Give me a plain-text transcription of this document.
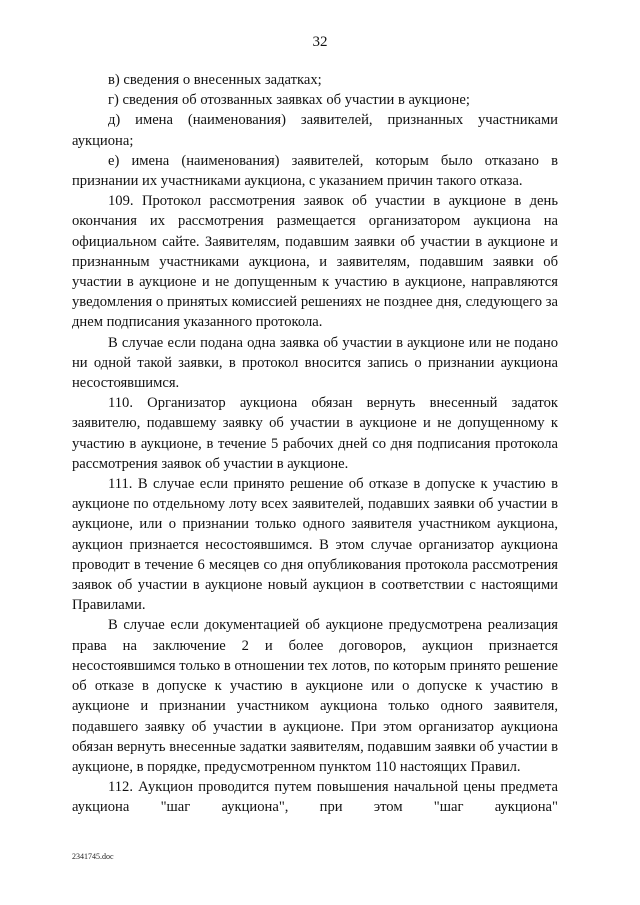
32

в) сведения о внесенных задатках;

г) сведения об отозванных заявках об участии в аукционе;

д) имена (наименования) заявителей, признанных участниками аукциона;

е) имена (наименования) заявителей, которым было отказано в признании их участниками аукциона, с указанием причин такого отказа.

109. Протокол рассмотрения заявок об участии в аукционе в день окончания их рассмотрения размещается организатором аукциона на официальном сайте. Заявителям, подавшим заявки об участии в аукционе и признанным участниками аукциона, и заявителям, подавшим заявки об участии в аукционе и не допущенным к участию в аукционе, направляются уведомления о принятых комиссией решениях не позднее дня, следующего за днем подписания указанного протокола.

В случае если подана одна заявка об участии в аукционе или не подано ни одной такой заявки, в протокол вносится запись о признании аукциона несостоявшимся.

110. Организатор аукциона обязан вернуть внесенный задаток заявителю, подавшему заявку об участии в аукционе и не допущенному к участию в аукционе, в течение 5 рабочих дней со дня подписания протокола рассмотрения заявок об участии в аукционе.

111. В случае если принято решение об отказе в допуске к участию в аукционе по отдельному лоту всех заявителей, подавших заявки об участии в аукционе, или о признании только одного заявителя участником аукциона, аукцион признается несостоявшимся. В этом случае организатор аукциона проводит в течение 6 месяцев со дня опубликования протокола рассмотрения заявок об участии в аукционе новый аукцион в соответствии с настоящими Правилами.

В случае если документацией об аукционе предусмотрена реализация права на заключение 2 и более договоров, аукцион признается несостоявшимся только в отношении тех лотов, по которым принято решение об отказе в допуске к участию в аукционе или о допуске к участию в аукционе и признании участником аукциона только одного заявителя, подавшего заявку об участии в аукционе. При этом организатор аукциона обязан вернуть внесенные задатки заявителям, подавшим заявки об участии в аукционе, в порядке, предусмотренном пунктом 110 настоящих Правил.

112. Аукцион проводится путем повышения начальной цены предмета аукциона "шаг аукциона", при этом "шаг аукциона"

2341745.doc
